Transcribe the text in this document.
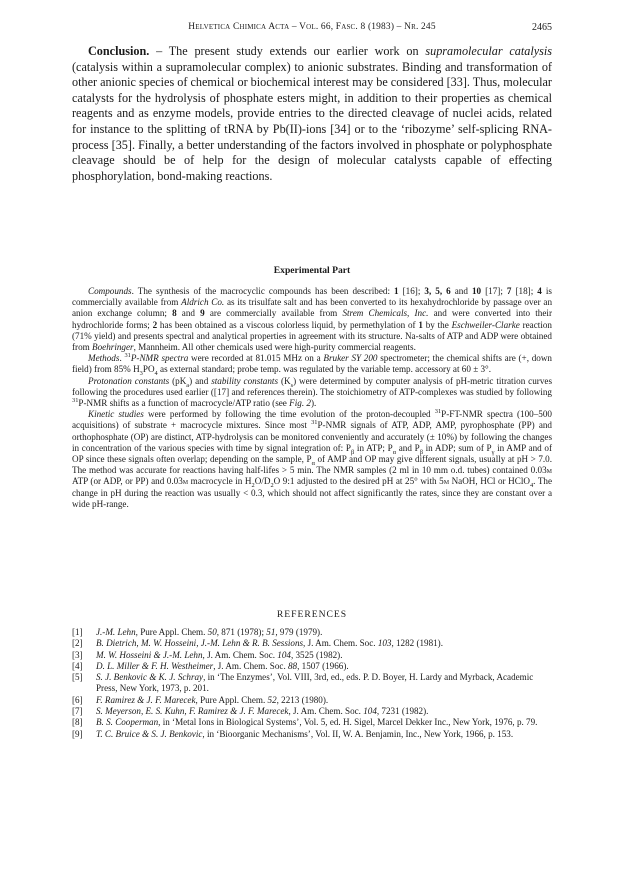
Helvetica Chimica Acta – Vol. 66, Fasc. 8 (1983) – Nr. 245	2465

Conclusion. – The present study extends our earlier work on supramolecular catalysis (catalysis within a supramolecular complex) to anionic substrates. Binding and transformation of other anionic species of chemical or biochemical interest may be considered [33]. Thus, molecular catalysts for the hydrolysis of phosphate esters might, in addition to their properties as chemical reagents and as enzyme models, provide entries to the directed cleavage of nuclei acids, related for instance to the splitting of tRNA by Pb(II)-ions [34] or to the ‘ribozyme’ self-splicing RNA-process [35]. Finally, a better understanding of the factors involved in phosphate or polyphosphate cleavage should be of help for the design of molecular catalysts capable of effecting phosphorylation, bond-making reactions.

Experimental Part

Compounds. The synthesis of the macrocyclic compounds has been described: 1 [16]; 3, 5, 6 and 10 [17]; 7 [18]; 4 is commercially available from Aldrich Co. as its trisulfate salt and has been converted to its hexahydrochloride by passage over an anion exchange column; 8 and 9 are commercially available from Strem Chemicals, Inc. and were converted into their hydrochloride forms; 2 has been obtained as a viscous colorless liquid, by permethylation of 1 by the Eschweiler-Clarke reaction (71% yield) and presents spectral and analytical properties in agreement with its structure. Na-salts of ATP and ADP were obtained from Boehringer, Mannheim. All other chemicals used were high-purity commercial reagents.

Methods. $^{31}$P-NMR spectra were recorded at 81.015 MHz on a Bruker SY 200 spectrometer; the chemical shifts are (+, down field) from 85% $H_3PO_4$ as external standard; probe temp. was regulated by the variable temp. accessory at 60 ± 3°.

Protonation constants $(pK_a)$ and stability constants $(K_s)$ were determined by computer analysis of pH-metric titration curves following the procedures used earlier ([17] and references therein). The stoichiometry of ATP-complexes was studied by following $^{31}$P-NMR shifts as a function of macrocycle/ATP ratio (see Fig. 2).

Kinetic studies were performed by following the time evolution of the proton-decoupled $^{31}$P-FT-NMR spectra (100–500 acquisitions) of substrate + macrocycle mixtures. Since most $^{31}$P-NMR signals of ATP, ADP, AMP, pyrophosphate (PP) and orthophosphate (OP) are distinct, ATP-hydrolysis can be monitored conveniently and accurately (± 10%) by following the changes in concentration of the various species with time by signal integration of: $P_\beta$ in ATP; $P_\alpha$ and $P_\beta$ in ADP; sum of $P_\gamma$ in AMP and of OP since these signals often overlap; depending on the sample, $P_\alpha$ of AMP and OP may give different signals, usually at pH > 7.0. The method was accurate for reactions having half-lifes > 5 min. The NMR samples (2 ml in 10 mm o.d. tubes) contained 0.03m ATP (or ADP, or PP) and 0.03m macrocycle in $H_2O/D_2O$ 9:1 adjusted to the desired pH at 25° with 5m NaOH, HCl or HClO$_4$. The change in pH during the reaction was usually < 0.3, which should not affect significantly the rates, since they are constant over a wide pH-range.

REFERENCES

[1] J.-M. Lehn, Pure Appl. Chem. 50, 871 (1978); 51, 979 (1979).
[2] B. Dietrich, M. W. Hosseini, J.-M. Lehn & R. B. Sessions, J. Am. Chem. Soc. 103, 1282 (1981).
[3] M. W. Hosseini & J.-M. Lehn, J. Am. Chem. Soc. 104, 3525 (1982).
[4] D. L. Miller & F. H. Westheimer, J. Am. Chem. Soc. 88, 1507 (1966).
[5] S. J. Benkovic & K. J. Schray, in ‘The Enzymes’, Vol. VIII, 3rd, ed., eds. P. D. Boyer, H. Lardy and Myrback, Academic Press, New York, 1973, p. 201.
[6] F. Ramirez & J. F. Marecek, Pure Appl. Chem. 52, 2213 (1980).
[7] S. Meyerson, E. S. Kuhn, F. Ramirez & J. F. Marecek, J. Am. Chem. Soc. 104, 7231 (1982).
[8] B. S. Cooperman, in ‘Metal Ions in Biological Systems’, Vol. 5, ed. H. Sigel, Marcel Dekker Inc., New York, 1976, p. 79.
[9] T. C. Bruice & S. J. Benkovic, in ‘Bioorganic Mechanisms’, Vol. II, W. A. Benjamin, Inc., New York, 1966, p. 153.
